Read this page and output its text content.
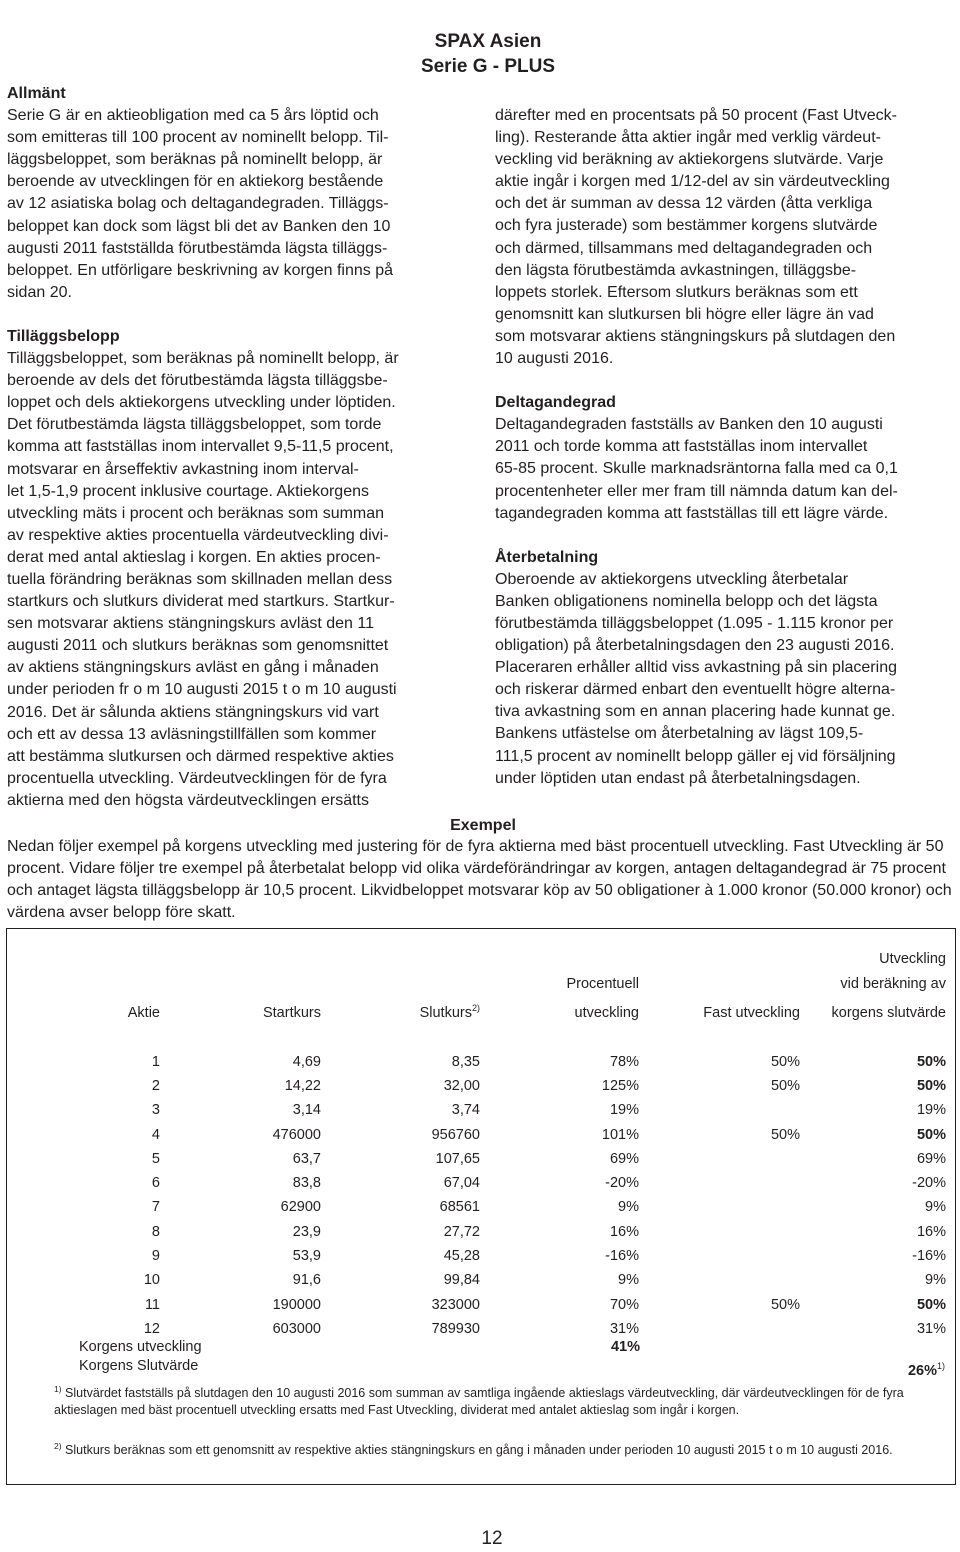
SPAX Asien
Serie G - PLUS

Allmänt

Serie G är en aktieobligation med ca 5 års löptid och
som emitteras till 100 procent av nominellt belopp. Til-
läggsbeloppet, som beräknas på nominellt belopp, är
beroende av utvecklingen för en aktiekorg bestående
av 12 asiatiska bolag och deltagandegraden. Tilläggs-
beloppet kan dock som lägst bli det av Banken den 10
augusti 2011 fastställda förutbestämda lägsta tilläggs-
beloppet. En utförligare beskrivning av korgen finns på
sidan 20.

Tilläggsbelopp

Tilläggsbeloppet, som beräknas på nominellt belopp, är
beroende av dels det förutbestämda lägsta tilläggsbe-
loppet och dels aktiekorgens utveckling under löptiden.
Det förutbestämda lägsta tilläggsbeloppet, som torde
komma att fastställas inom intervallet 9,5-11,5 procent,
motsvarar en årseffektiv avkastning inom interval-
let 1,5-1,9 procent inklusive courtage. Aktiekorgens
utveckling mäts i procent och beräknas som summan
av respektive akties procentuella värdeutveckling divi-
derat med antal aktieslag i korgen. En akties procen-
tuella förändring beräknas som skillnaden mellan dess
startkurs och slutkurs dividerat med startkurs. Startkur-
sen motsvarar aktiens stängningskurs avläst den 11
augusti 2011 och slutkurs beräknas som genomsnittet
av aktiens stängningskurs avläst en gång i månaden
under perioden fr o m 10 augusti 2015 t o m 10 augusti
2016. Det är sålunda aktiens stängningskurs vid vart
och ett av dessa 13 avläsningstillfällen som kommer
att bestämma slutkursen och därmed respektive akties
procentuella utveckling. Värdeutvecklingen för de fyra
aktierna med den högsta värdeutvecklingen ersätts
därefter med en procentsats på 50 procent (Fast Utveck-
ling). Resterande åtta aktier ingår med verklig värdeut-
veckling vid beräkning av aktiekorgens slutvärde. Varje
aktie ingår i korgen med 1/12-del av sin värdeutveckling
och det är summan av dessa 12 värden (åtta verkliga
och fyra justerade) som bestämmer korgens slutvärde
och därmed, tillsammans med deltagandegraden och
den lägsta förutbestämda avkastningen, tilläggsbe-
loppets storlek. Eftersom slutkurs beräknas som ett
genomsnitt kan slutkursen bli högre eller lägre än vad
som motsvarar aktiens stängningskurs på slutdagen den
10 augusti 2016.

Deltagandegrad

Deltagandegraden fastställs av Banken den 10 augusti
2011 och torde komma att fastställas inom intervallet
65-85 procent. Skulle marknadsräntorna falla med ca 0,1
procentenheter eller mer fram till nämnda datum kan del-
tagandegraden komma att fastställas till ett lägre värde.

Återbetalning

Oberoende av aktiekorgens utveckling återbetalar
Banken obligationens nominella belopp och det lägsta
förutbestämda tilläggsbeloppet (1.095 - 1.115 kronor per
obligation) på återbetalningsdagen den 23 augusti 2016.
Placeraren erhåller alltid viss avkastning på sin placering
och riskerar därmed enbart den eventuellt högre alterna-
tiva avkastning som en annan placering hade kunnat ge.
Bankens utfästelse om återbetalning av lägst 109,5-
111,5 procent av nominellt belopp gäller ej vid försäljning
under löptiden utan endast på återbetalningsdagen.
Exempel

Nedan följer exempel på korgens utveckling med justering för de fyra aktierna med bäst procentuell utveckling. Fast Utveckling är 50 procent. Vidare följer tre exempel på återbetalat belopp vid olika värdeförändringar av korgen, antagen deltagandegrad är 75 procent och antaget lägsta tilläggsbelopp är 10,5 procent. Likvidbeloppet motsvarar köp av 50 obligationer à 1.000 kronor (50.000 kronor) och värdena avser belopp före skatt.

					Utveckling
			Procentuell		vid beräkning av
Aktie	Startkurs	Slutkurs$^{2)}$	utveckling	Fast utveckling	korgens slutvärde

1	4,69	8,35	78%	50%	50%
2	14,22	32,00	125%	50%	50%
3	3,14	3,74	19%		19%
4	476000	956760	101%	50%	50%
5	63,7	107,65	69%		69%
6	83,8	67,04	-20%		-20%
7	62900	68561	9%		9%
8	23,9	27,72	16%		16%
9	53,9	45,28	-16%		-16%
10	91,6	99,84	9%		9%
11	190000	323000	70%	50%	50%
12	603000	789930	31%		31%
Korgens utveckling	41%
Korgens Slutvärde	26%$^{1)}$
$^{1)}$ Slutvärdet fastställs på slutdagen den 10 augusti 2016 som summan av samtliga ingående aktieslags värdeutveckling, där värdeutvecklingen för de fyra aktieslagen med bäst procentuell utveckling ersatts med Fast Utveckling, dividerat med antalet aktieslag som ingår i korgen.
$^{2)}$ Slutkurs beräknas som ett genomsnitt av respektive akties stängningskurs en gång i månaden under perioden 10 augusti 2015 t o m 10 augusti 2016.
12
